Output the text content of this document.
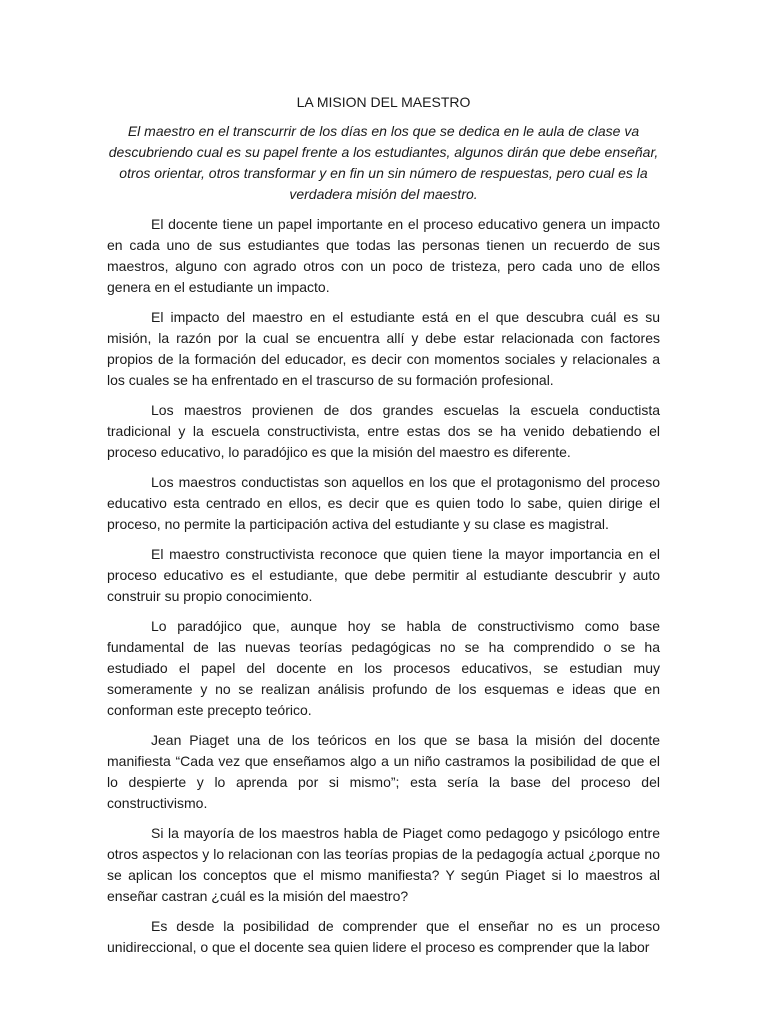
LA MISION DEL MAESTRO

El maestro en el transcurrir de los días en los que se dedica en le aula de clase va descubriendo cual es su papel frente a los estudiantes, algunos dirán que debe enseñar, otros orientar, otros transformar y en fin un sin número de respuestas, pero cual es la verdadera misión del maestro.

El docente tiene un papel importante en el proceso educativo genera un impacto en cada uno de sus estudiantes que todas las personas tienen un recuerdo de sus maestros, alguno con agrado otros con un poco de tristeza, pero cada uno de ellos genera en el estudiante un impacto.

El impacto del maestro en el estudiante está en el que descubra cuál es su misión, la razón por la cual se encuentra allí y debe estar relacionada con factores propios de la formación del educador, es decir con momentos sociales y relacionales a los cuales se ha enfrentado en el trascurso de su formación profesional.

Los maestros provienen de dos grandes escuelas la escuela conductista tradicional y la escuela constructivista, entre estas dos se ha venido debatiendo el proceso educativo, lo paradójico es que la misión del maestro es diferente.

Los maestros conductistas son aquellos en los que el protagonismo del proceso educativo esta centrado en ellos, es decir que es quien todo lo sabe, quien dirige el proceso, no permite la participación activa del estudiante y su clase es magistral.

El maestro constructivista reconoce que quien tiene la mayor importancia en el proceso educativo es el estudiante, que debe permitir al estudiante descubrir y auto construir su propio conocimiento.

Lo paradójico que, aunque hoy se habla de constructivismo como base fundamental de las nuevas teorías pedagógicas no se ha comprendido o se ha estudiado el papel del docente en los procesos educativos, se estudian muy someramente y no se realizan análisis profundo de los esquemas e ideas que en conforman este precepto teórico.

Jean Piaget una de los teóricos en los que se basa la misión del docente manifiesta “Cada vez que enseñamos algo a un niño castramos la posibilidad de que el lo despierte y lo aprenda por si mismo”; esta sería la base del proceso del constructivismo.

Si la mayoría de los maestros habla de Piaget como pedagogo y psicólogo entre otros aspectos y lo relacionan con las teorías propias de la pedagogía actual ¿porque no se aplican los conceptos que el mismo manifiesta? Y según Piaget si lo maestros al enseñar castran ¿cuál es la misión del maestro?

Es desde la posibilidad de comprender que el enseñar no es un proceso unidireccional, o que el docente sea quien lidere el proceso es comprender que la labor
